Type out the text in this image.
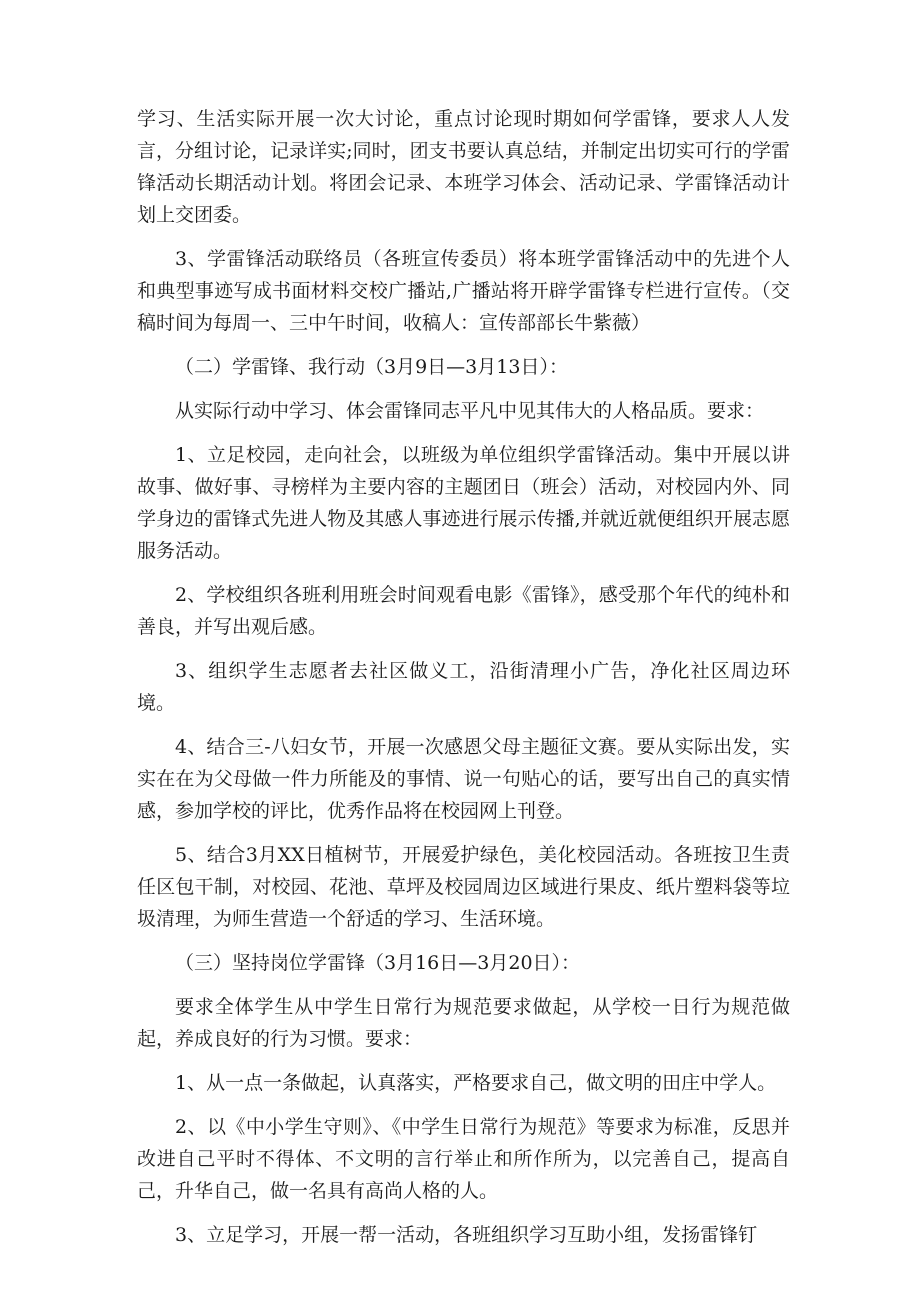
学习、生活实际开展一次大讨论，重点讨论现时期如何学雷锋，要求人人发言，分组讨论，记录详实;同时，团支书要认真总结，并制定出切实可行的学雷锋活动长期活动计划。将团会记录、本班学习体会、活动记录、学雷锋活动计划上交团委。

3、学雷锋活动联络员（各班宣传委员）将本班学雷锋活动中的先进个人和典型事迹写成书面材料交校广播站,广播站将开辟学雷锋专栏进行宣传。（交稿时间为每周一、三中午时间，收稿人：宣传部部长牛紫薇）

（二）学雷锋、我行动（3月9日—3月13日）：

从实际行动中学习、体会雷锋同志平凡中见其伟大的人格品质。要求：

1、立足校园，走向社会，以班级为单位组织学雷锋活动。集中开展以讲故事、做好事、寻榜样为主要内容的主题团日（班会）活动，对校园内外、同学身边的雷锋式先进人物及其感人事迹进行展示传播,并就近就便组织开展志愿服务活动。

2、学校组织各班利用班会时间观看电影《雷锋》，感受那个年代的纯朴和善良，并写出观后感。

3、组织学生志愿者去社区做义工，沿街清理小广告，净化社区周边环境。

4、结合三-八妇女节，开展一次感恩父母主题征文赛。要从实际出发，实实在在为父母做一件力所能及的事情、说一句贴心的话，要写出自己的真实情感，参加学校的评比，优秀作品将在校园网上刊登。

5、结合3月XX日植树节，开展爱护绿色，美化校园活动。各班按卫生责任区包干制，对校园、花池、草坪及校园周边区域进行果皮、纸片塑料袋等垃圾清理，为师生营造一个舒适的学习、生活环境。

（三）坚持岗位学雷锋（3月16日—3月20日）：

要求全体学生从中学生日常行为规范要求做起，从学校一日行为规范做起，养成良好的行为习惯。要求：

1、从一点一条做起，认真落实，严格要求自己，做文明的田庄中学人。

2、以《中小学生守则》、《中学生日常行为规范》等要求为标准，反思并改进自己平时不得体、不文明的言行举止和所作所为，以完善自己，提高自己，升华自己，做一名具有高尚人格的人。

3、立足学习，开展一帮一活动，各班组织学习互助小组，发扬雷锋钉
